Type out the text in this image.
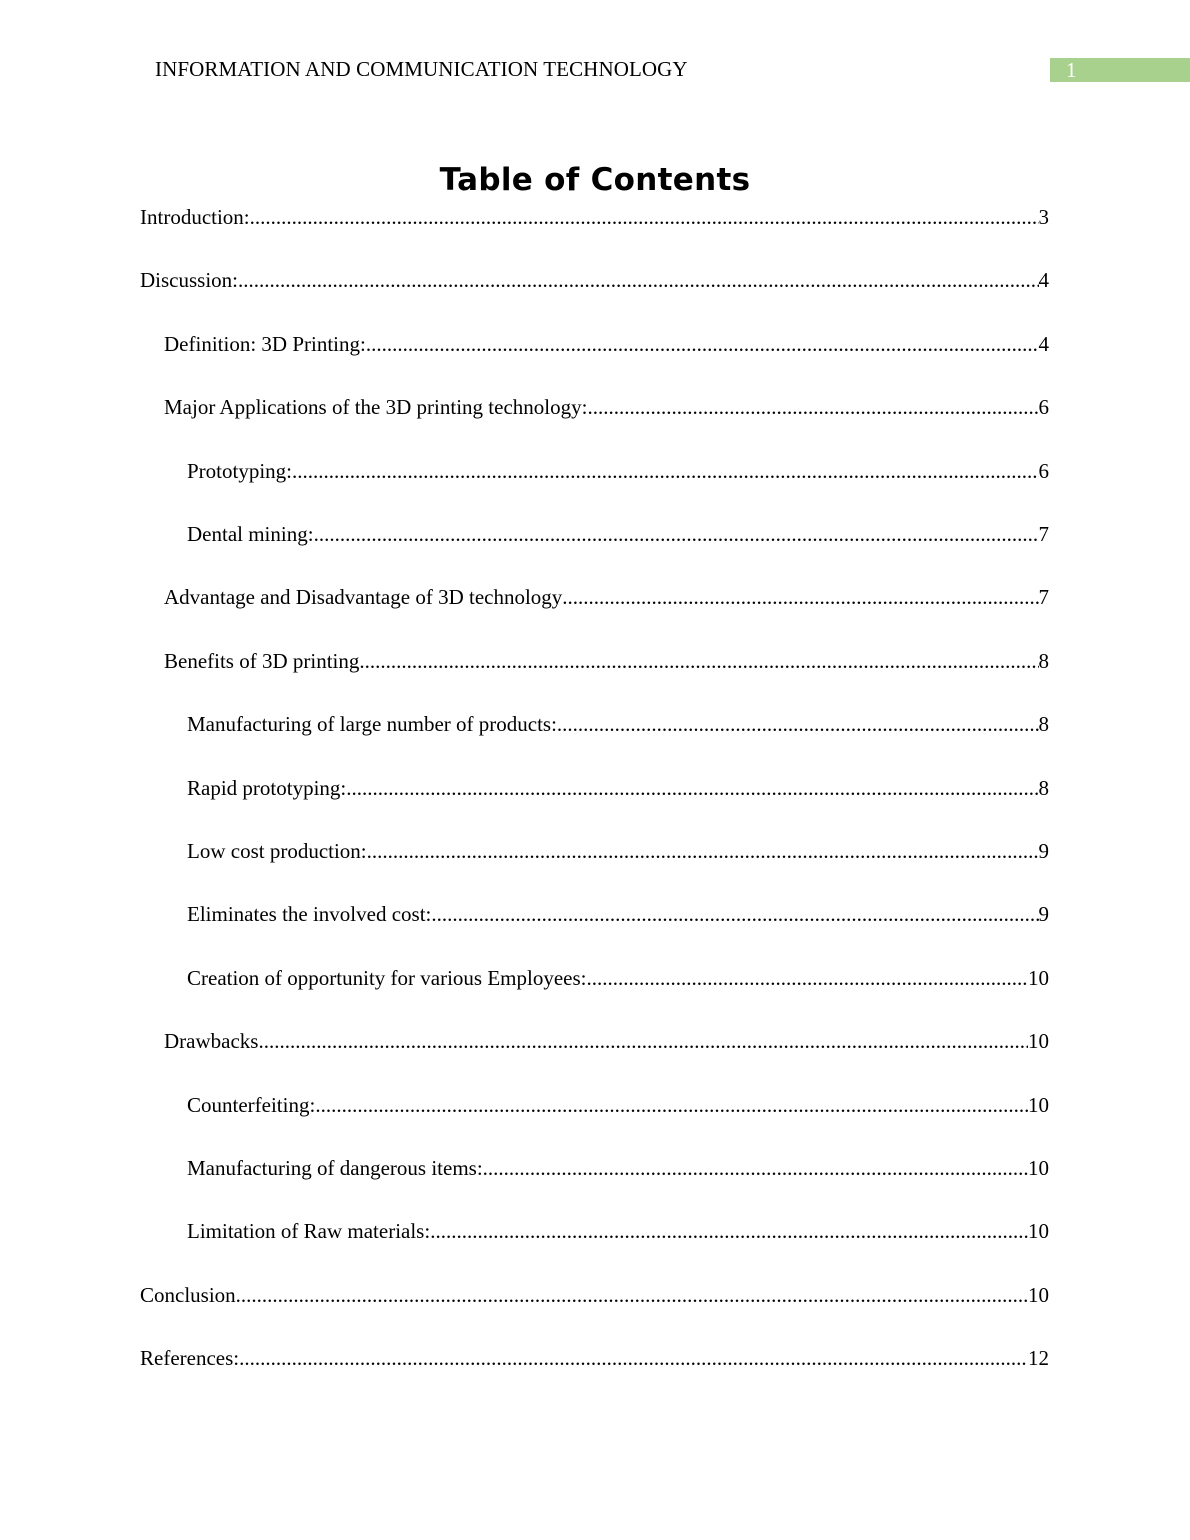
INFORMATION AND COMMUNICATION TECHNOLOGY	1
Table of Contents
Introduction: .....	3
Discussion: .....	4
Definition: 3D Printing: .....	4
Major Applications of the 3D printing technology: .....	6
Prototyping: .....	6
Dental mining: .....	7
Advantage and Disadvantage of 3D technology .....	7
Benefits of 3D printing .....	8
Manufacturing of large number of products: .....	8
Rapid prototyping: .....	8
Low cost production: .....	9
Eliminates the involved cost: .....	9
Creation of opportunity for various Employees: .....	10
Drawbacks .....	10
Counterfeiting: .....	10
Manufacturing of dangerous items: .....	10
Limitation of Raw materials: .....	10
Conclusion .....	10
References: .....	12
